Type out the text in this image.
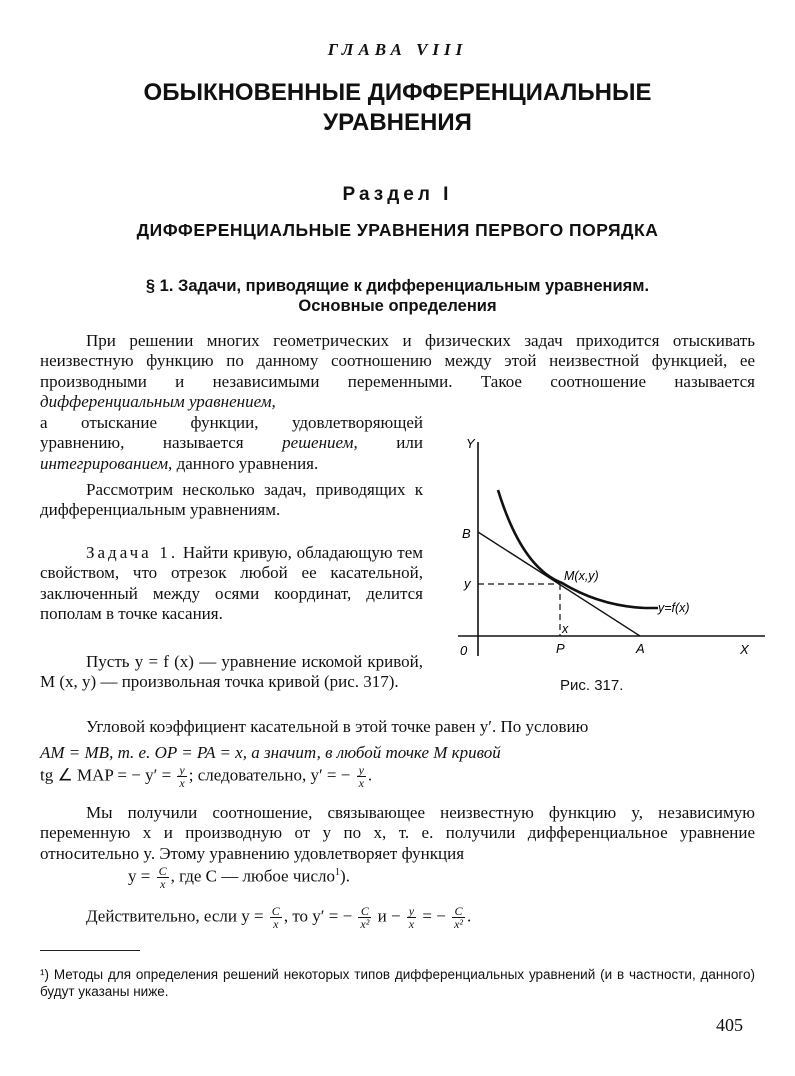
ГЛАВА VIII
ОБЫКНОВЕННЫЕ ДИФФЕРЕНЦИАЛЬНЫЕ
УРАВНЕНИЯ
Раздел I
ДИФФЕРЕНЦИАЛЬНЫЕ УРАВНЕНИЯ ПЕРВОГО ПОРЯДКА
§ 1. Задачи, приводящие к дифференциальным уравнениям.
Основные определения
При решении многих геометрических и физических задач приходится отыскивать неизвестную функцию по данному соотношению между этой неизвестной функцией, ее производными и независимыми переменными. Такое соотношение называется дифференциальным уравнением,
а отыскание функции, удовлетворяющей уравнению, называется решением, или интегрированием, данного уравнения.
Рассмотрим несколько задач, приводящих к дифференциальным уравнениям.
Задача 1. Найти кривую, обладающую тем свойством, что отрезок любой ее касательной, заключенный между осями координат, делится пополам в точке касания.
Пусть y = f (x) — уравнение искомой кривой, M (x, y) — произвольная точка кривой (рис. 317).
Y
X
0
B
y	M(x,y)
y=f(x)
x
P	A
Рис. 317.
Угловой коэффициент касательной в этой точке равен y′. По условию
AM = MB, т. е. OP = PA = x, а значит, в любой точке M кривой
tg ∠ MAP = − $y' = \frac{y}{x}$ ; следовательно, y′ = − $\frac{y}{x}$ .
Мы получили соотношение, связывающее неизвестную функцию y, независимую переменную x и производную от y по x, т. е. получили дифференциальное уравнение относительно y. Этому уравнению удовлетворяет функция
$y = \frac{C}{x}$ , где C — любое число$^1$).
Действительно, если $y = \frac{C}{x}$ , то y′ = − $\frac{C}{\text{x²}}$ $и - \frac{y}{x}$ = − $\frac{C}{\text{x²}}$ .
¹) Методы для определения решений некоторых типов дифференциальных уравнений (и в частности, данного) будут указаны ниже.
405
